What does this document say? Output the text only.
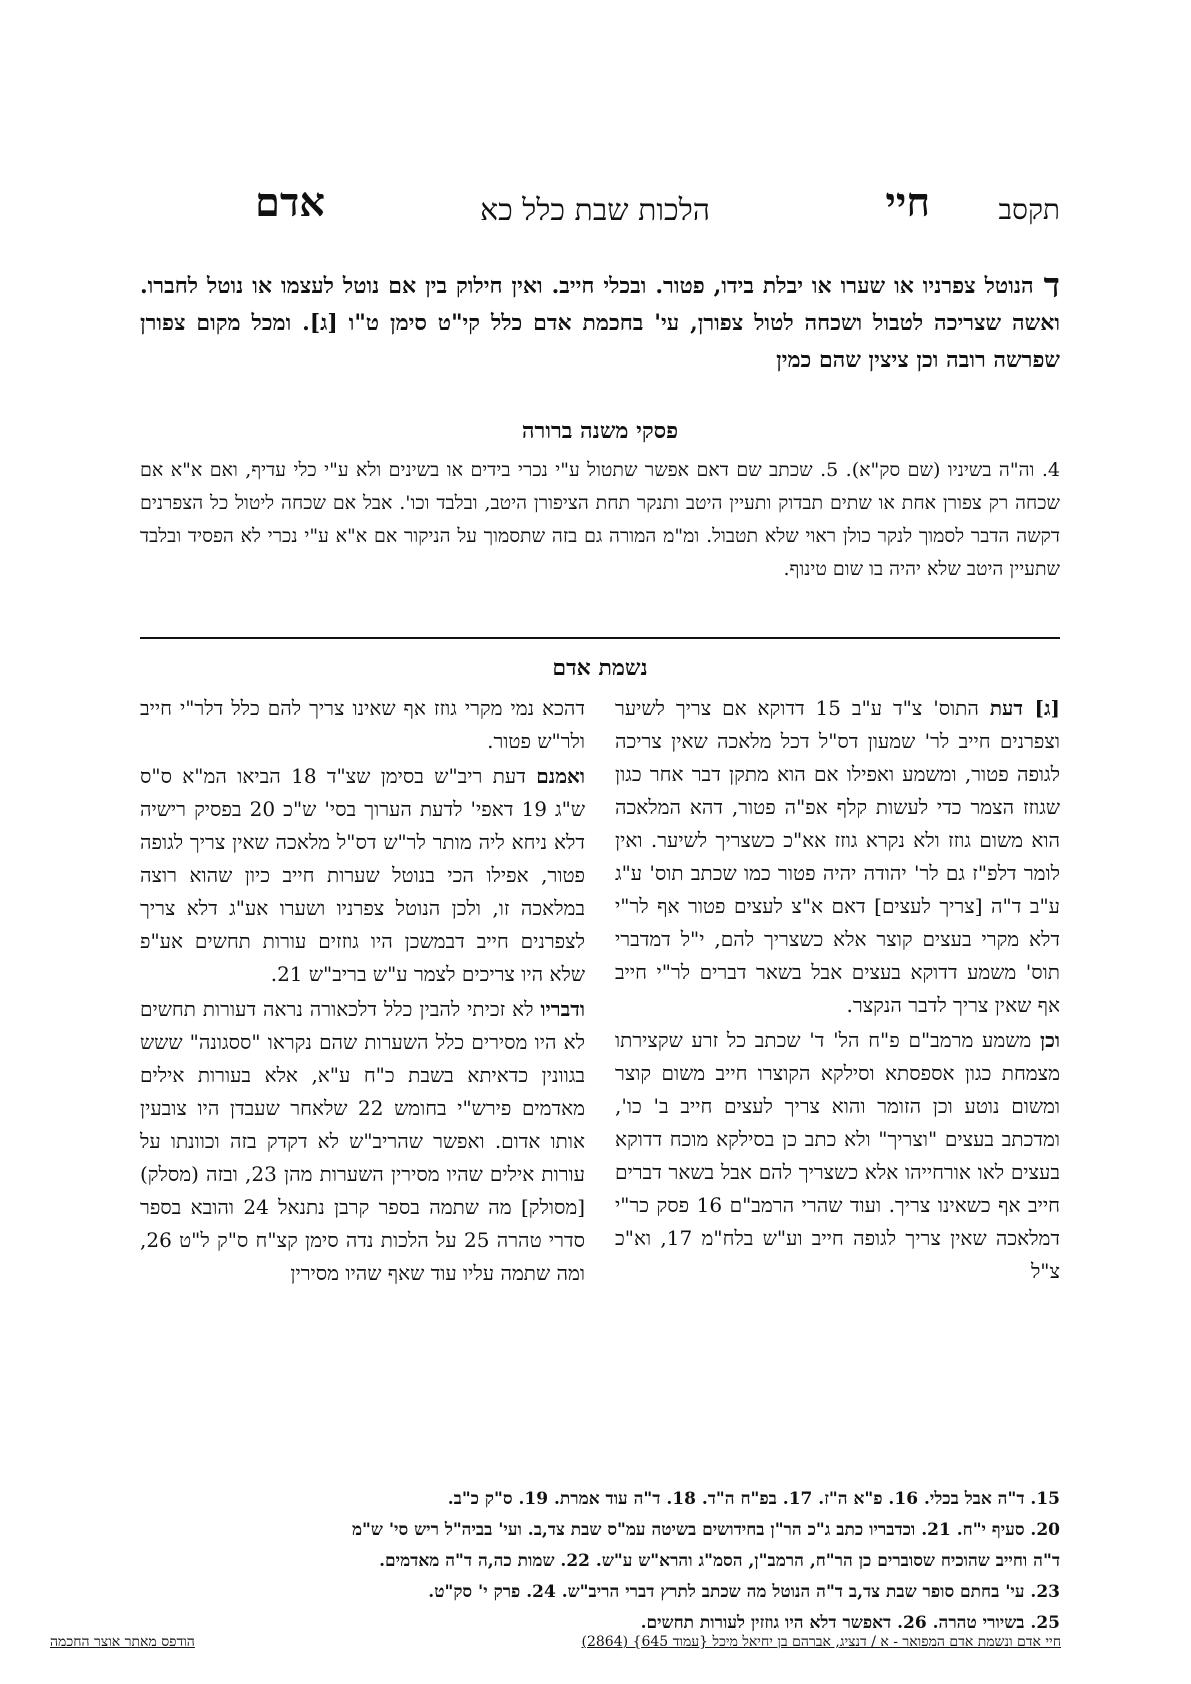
תקסב
חיי
הלכות שבת כלל כא
אדם
ד
הנוטל צפרניו או שערו או יבלת בידו, פטור. ובכלי חייב. ואין חילוק בין אם נוטל לעצמו או נוטל לחברו. ואשה שצריכה לטבול ושכחה לטול צפורן, עי' בחכמת אדם כלל קי"ט סימן ט"ו [ג]. ומכל מקום צפורן שפרשה רובה וכן ציצין שהם כמין
פסקי משנה ברורה
4. וה"ה בשיניו (שם סק"א). 5. שכתב שם דאם אפשר שתטול ע"י נכרי בידים או בשינים ולא ע"י כלי עדיף, ואם א"א אם שכחה רק צפורן אחת או שתים תבדוק ותעיין היטב ותנקר תחת הציפורן היטב, ובלבד וכו'. אבל אם שכחה ליטול כל הצפרנים דקשה הדבר לסמוך לנקר כולן ראוי שלא תטבול. ומ"מ המורה גם בזה שתסמוך על הניקור אם א"א ע"י נכרי לא הפסיד ובלבד שתעיין היטב שלא יהיה בו שום טינוף.
נשמת אדם

[ג] דעת התוס' צ"ד ע"ב 15 דדוקא אם צריך לשיער וצפרנים חייב לר' שמעון דס"ל דכל מלאכה שאין צריכה לגופה פטור, ומשמע ואפילו אם הוא מתקן דבר אחר כגון שגוזז הצמר כדי לעשות קלף אפ"ה פטור, דהא המלאכה הוא משום גוזז ולא נקרא גוזז אא"כ כשצריך לשיער. ואין לומר דלפ"ז גם לר' יהודה יהיה פטור כמו שכתב תוס' ע"ג ע"ב ד"ה [צריך לעצים] דאם א"צ לעצים פטור אף לר"י דלא מקרי בעצים קוצר אלא כשצריך להם, י"ל דמדברי תוס' משמע דדוקא בעצים אבל בשאר דברים לר"י חייב אף שאין צריך לדבר הנקצר.

וכן משמע מרמב"ם פ"ח הל' ד' שכתב כל זרע שקצירתו מצמחת כגון אספסתא וסילקא הקוצרו חייב משום קוצר ומשום נוטע וכן הזומר והוא צריך לעצים חייב ב' כו', ומדכתב בעצים "וצריך" ולא כתב כן בסילקא מוכח דדוקא בעצים לאו אורחייהו אלא כשצריך להם אבל בשאר דברים חייב אף כשאינו צריך. ועוד שהרי הרמב"ם 16 פסק כר"י דמלאכה שאין צריך לגופה חייב וע"ש בלח"מ 17, וא"כ צ"ל

דהכא נמי מקרי גוזז אף שאינו צריך להם כלל דלר"י חייב ולר"ש פטור.

ואמנם דעת ריב"ש בסימן שצ"ד 18 הביאו המ"א ס"ס ש"ג 19 דאפי' לדעת הערוך בסי' ש"כ 20 בפסיק רישיה דלא ניחא ליה מותר לר"ש דס"ל מלאכה שאין צריך לגופה פטור, אפילו הכי בנוטל שערות חייב כיון שהוא רוצה במלאכה זו, ולכן הנוטל צפרניו ושערו אע"ג דלא צריך לצפרנים חייב דבמשכן היו גוזזים עורות תחשים אע"פ שלא היו צריכים לצמר ע"ש בריב"ש 21.

ודבריו לא זכיתי להבין כלל דלכאורה נראה דעורות תחשים לא היו מסירים כלל השערות שהם נקראו "ססגונה" ששש בגוונין כדאיתא בשבת כ"ח ע"א, אלא בעורות אילים מאדמים פירש"י בחומש 22 שלאחר שעבדן היו צובעין אותו אדום. ואפשר שהריב"ש לא דקדק בזה וכוונתו על עורות אילים שהיו מסירין השערות מהן 23, ובזה (מסלק) [מסולק] מה שתמה בספר קרבן נתנאל 24 והובא בספר סדרי טהרה 25 על הלכות נדה סימן קצ"ח ס"ק ל"ט 26, ומה שתמה עליו עוד שאף שהיו מסירין

15. ד"ה אבל בכלי. 16. פ"א ה"ז. 17. בפ"ח ה"ד. 18. ד"ה עוד אמרת. 19. ס"ק כ"ב.
20. סעיף י"ח. 21. וכדבריו כתב ג"כ הר"ן בחידושים בשיטה עמ"ס שבת צד,ב. ועי' בביה"ל ריש סי' ש"מ
ד"ה וחייב שהוכיח שסוברים כן הר"ח, הרמב"ן, הסמ"ג והרא"ש ע"ש. 22. שמות כה,ה ד"ה מאדמים.
23. עי' בחתם סופר שבת צד,ב ד"ה הנוטל מה שכתב לתרץ דברי הריב"ש. 24. פרק י' סק"ט.
25. בשיורי טהרה. 26. דאפשר דלא היו גוזזין לעורות תחשים.
חיי אדם ונשמת אדם המפואר - א / דנציג, אברהם בן יחיאל מיכל {עמוד 645} (2864)
הודפס מאתר אוצר החכמה
